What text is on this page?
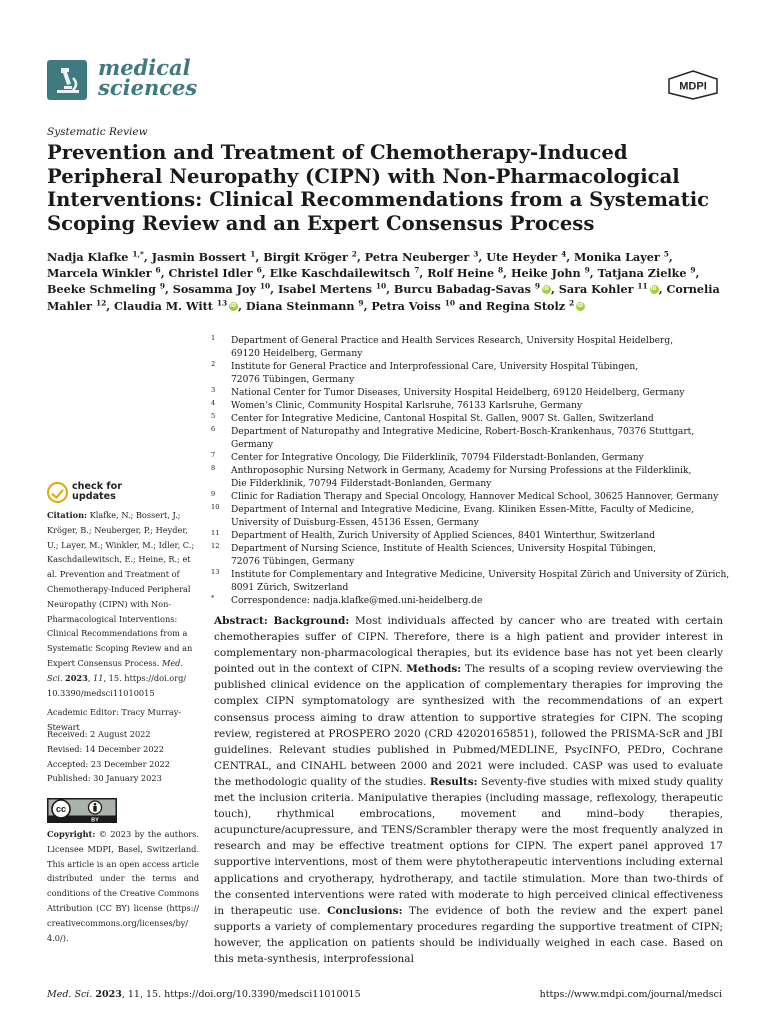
medical
sciences	MDPI
Systematic Review
Prevention and Treatment of Chemotherapy-Induced Peripheral Neuropathy (CIPN) with Non-Pharmacological Interventions: Clinical Recommendations from a Systematic Scoping Review and an Expert Consensus Process
Nadja Klafke $^{1,*}$, Jasmin Bossert $^1$, Birgit Kröger $^2$, Petra Neuberger $^3$, Ute Heyder $^4$, Monika Layer $^5$, Marcela Winkler $^6$, Christel Idler $^6$, Elke Kaschdailewitsch $^7$, Rolf Heine $^8$, Heike John $^9$, Tatjana Zielke $^9$, Beeke Schmeling $^9$, Sosamma Joy $^{10}$, Isabel Mertens $^{10}$, Burcu Babadag-Savas $^9$iD , Sara Kohler $^{11}$ iD , Cornelia Mahler $^{12}$, Claudia M. Witt $^{13}$ iD , Diana Steinmann $^9$, Petra Voiss $^{10}$ and Regina Stolz $^2$iD
1 Department of General Practice and Health Services Research, University Hospital Heidelberg,
69120 Heidelberg, Germany
2 Institute for General Practice and Interprofessional Care, University Hospital Tübingen,
72076 Tübingen, Germany
3 National Center for Tumor Diseases, University Hospital Heidelberg, 69120 Heidelberg, Germany
4 Women’s Clinic, Community Hospital Karlsruhe, 76133 Karlsruhe, Germany
5 Center for Integrative Medicine, Cantonal Hospital St. Gallen, 9007 St. Gallen, Switzerland
6 Department of Naturopathy and Integrative Medicine, Robert-Bosch-Krankenhaus, 70376 Stuttgart, Germany
7 Center for Integrative Oncology, Die Filderklinik, 70794 Filderstadt-Bonlanden, Germany
8 Anthroposophic Nursing Network in Germany, Academy for Nursing Professions at the Filderklinik,
Die Filderklinik, 70794 Filderstadt-Bonlanden, Germany
9 Clinic for Radiation Therapy and Special Oncology, Hannover Medical School, 30625 Hannover, Germany
10 Department of Internal and Integrative Medicine, Evang. Kliniken Essen-Mitte, Faculty of Medicine,
University of Duisburg-Essen, 45136 Essen, Germany
11 Department of Health, Zurich University of Applied Sciences, 8401 Winterthur, Switzerland
12 Department of Nursing Science, Institute of Health Sciences, University Hospital Tübingen,
72076 Tübingen, Germany
13 Institute for Complementary and Integrative Medicine, University Hospital Zürich and University of Zürich,
8091 Zürich, Switzerland
* Correspondence: nadja.klafke@med.uni-heidelberg.de
check for
updates
Citation: Klafke, N.; Bossert, J.; Kröger, B.; Neuberger, P.; Heyder, U.; Layer, M.; Winkler, M.; Idler, C.; Kaschdailewitsch, E.; Heine, R.; et al. Prevention and Treatment of Chemotherapy-Induced Peripheral Neuropathy (CIPN) with Non-Pharmacological Interventions: Clinical Recommendations from a Systematic Scoping Review and an Expert Consensus Process. Med. Sci. 2023, 11, 15. https://doi.org/ 10.3390/medsci11010015
Academic Editor: Tracy Murray-Stewart
Received: 2 August 2022
Revised: 14 December 2022
Accepted: 23 December 2022
Published: 30 January 2023
cc
BY
Copyright: © 2023 by the authors. Licensee MDPI, Basel, Switzerland. This article is an open access article distributed under the terms and conditions of the Creative Commons Attribution (CC BY) license (https:// creativecommons.org/licenses/by/ 4.0/).
Abstract: Background: Most individuals affected by cancer who are treated with certain chemotherapies suffer of CIPN. Therefore, there is a high patient and provider interest in complementary non-pharmacological therapies, but its evidence base has not yet been clearly pointed out in the context of CIPN. Methods: The results of a scoping review overviewing the published clinical evidence on the application of complementary therapies for improving the complex CIPN symptomatology are synthesized with the recommendations of an expert consensus process aiming to draw attention to supportive strategies for CIPN. The scoping review, registered at PROSPERO 2020 (CRD 42020165851), followed the PRISMA-ScR and JBI guidelines. Relevant studies published in Pubmed/MEDLINE, PsycINFO, PEDro, Cochrane CENTRAL, and CINAHL between 2000 and 2021 were included. CASP was used to evaluate the methodologic quality of the studies. Results: Seventy-five studies with mixed study quality met the inclusion criteria. Manipulative therapies (including massage, reflexology, therapeutic touch), rhythmical embrocations, movement and mind–body therapies, acupuncture/acupressure, and TENS/Scrambler therapy were the most frequently analyzed in research and may be effective treatment options for CIPN. The expert panel approved 17 supportive interventions, most of them were phytotherapeutic interventions including external applications and cryotherapy, hydrotherapy, and tactile stimulation. More than two-thirds of the consented interventions were rated with moderate to high perceived clinical effectiveness in therapeutic use. Conclusions: The evidence of both the review and the expert panel supports a variety of complementary procedures regarding the supportive treatment of CIPN; however, the application on patients should be individually weighed in each case. Based on this meta-synthesis, interprofessional
Med. Sci. 2023, 11, 15. https://doi.org/10.3390/medsci11010015	https://www.mdpi.com/journal/medsci
